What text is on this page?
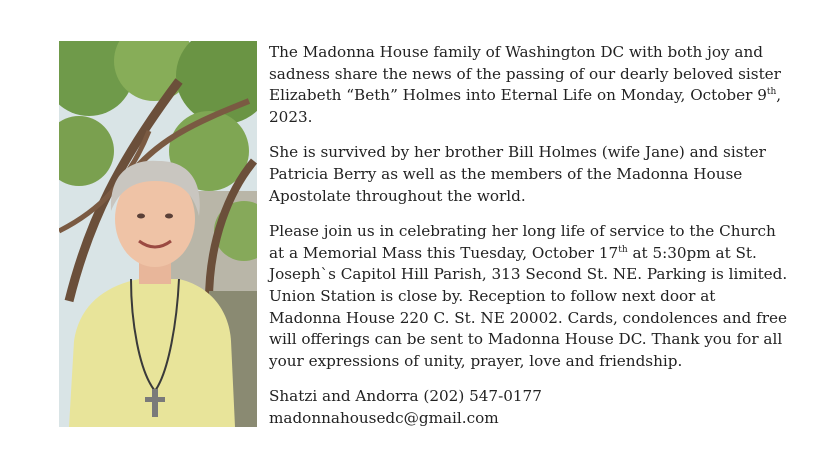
The Madonna House family of Washington DC with both joy and sadness share the news of the passing of our dearly beloved sister Elizabeth “Beth” Holmes into Eternal Life on Monday, October 9th, 2023.

She is survived by her brother Bill Holmes (wife Jane) and sister Patricia Berry as well as the members of the Madonna House Apostolate throughout the world.

Please join us in celebrating her long life of service to the Church at a Memorial Mass this Tuesday, October 17th at 5:30pm at St. Joseph`s Capitol Hill Parish, 313 Second St. NE. Parking is limited. Union Station is close by. Reception to follow next door at Madonna House 220 C. St. NE 20002. Cards, condolences and free will offerings can be sent to Madonna House DC. Thank you for all your expressions of unity, prayer, love and friendship.

Shatzi and Andorra (202) 547-0177
madonnahousedc@gmail.com
